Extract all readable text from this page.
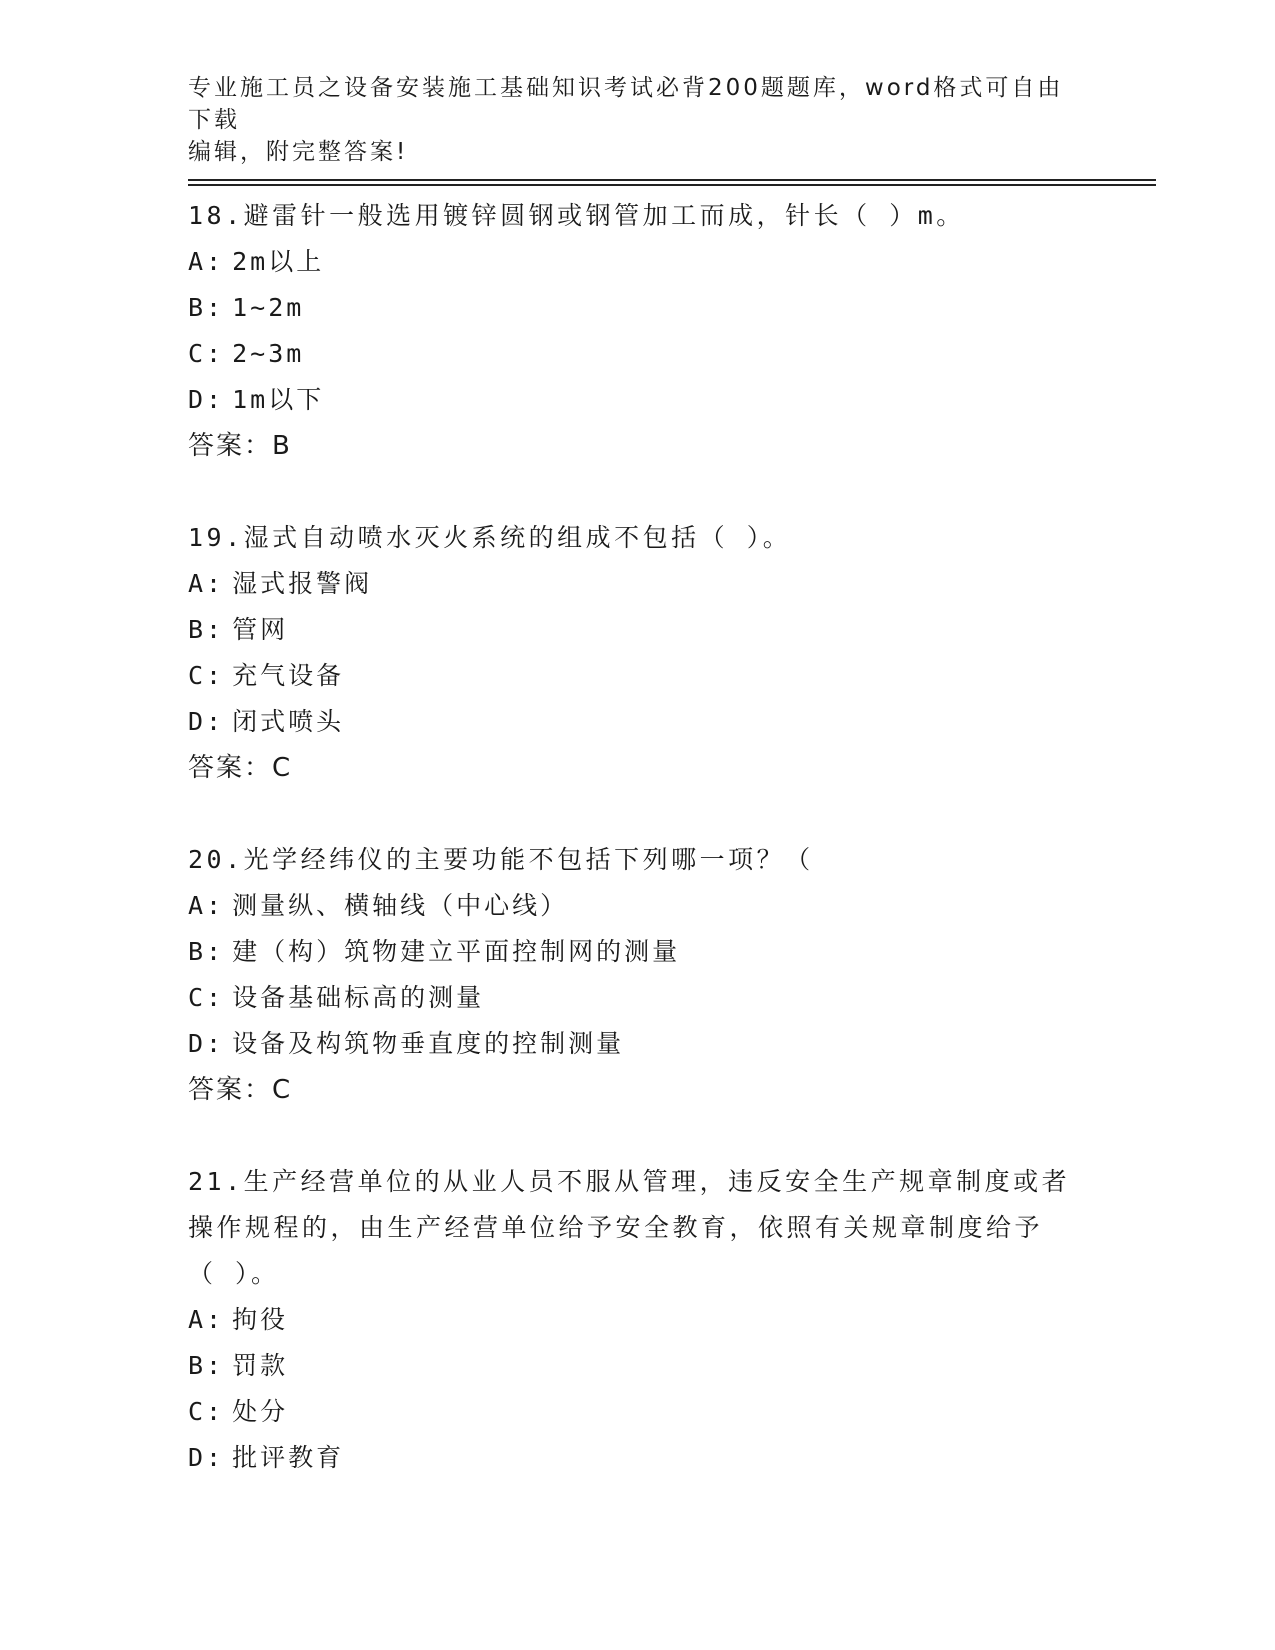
专业施工员之设备安装施工基础知识考试必背200题题库，word格式可自由下载
编辑，附完整答案!

18.避雷针一般选用镀锌圆钢或钢管加工而成，针长（ ）m。

A: 2m以上
B: 1~2m
C: 2~3m
D: 1m以下
答案：B

19.湿式自动喷水灭火系统的组成不包括（ ）。

A: 湿式报警阀
B: 管网
C: 充气设备
D: 闭式喷头
答案：C

20.光学经纬仪的主要功能不包括下列哪一项？（

A: 测量纵、横轴线（中心线）
B: 建（构）筑物建立平面控制网的测量
C: 设备基础标高的测量
D: 设备及构筑物垂直度的控制测量
答案：C

21.生产经营单位的从业人员不服从管理，违反安全生产规章制度或者

操作规程的，由生产经营单位给予安全教育，依照有关规章制度给予

（ ）。

A: 拘役
B: 罚款
C: 处分
D: 批评教育
